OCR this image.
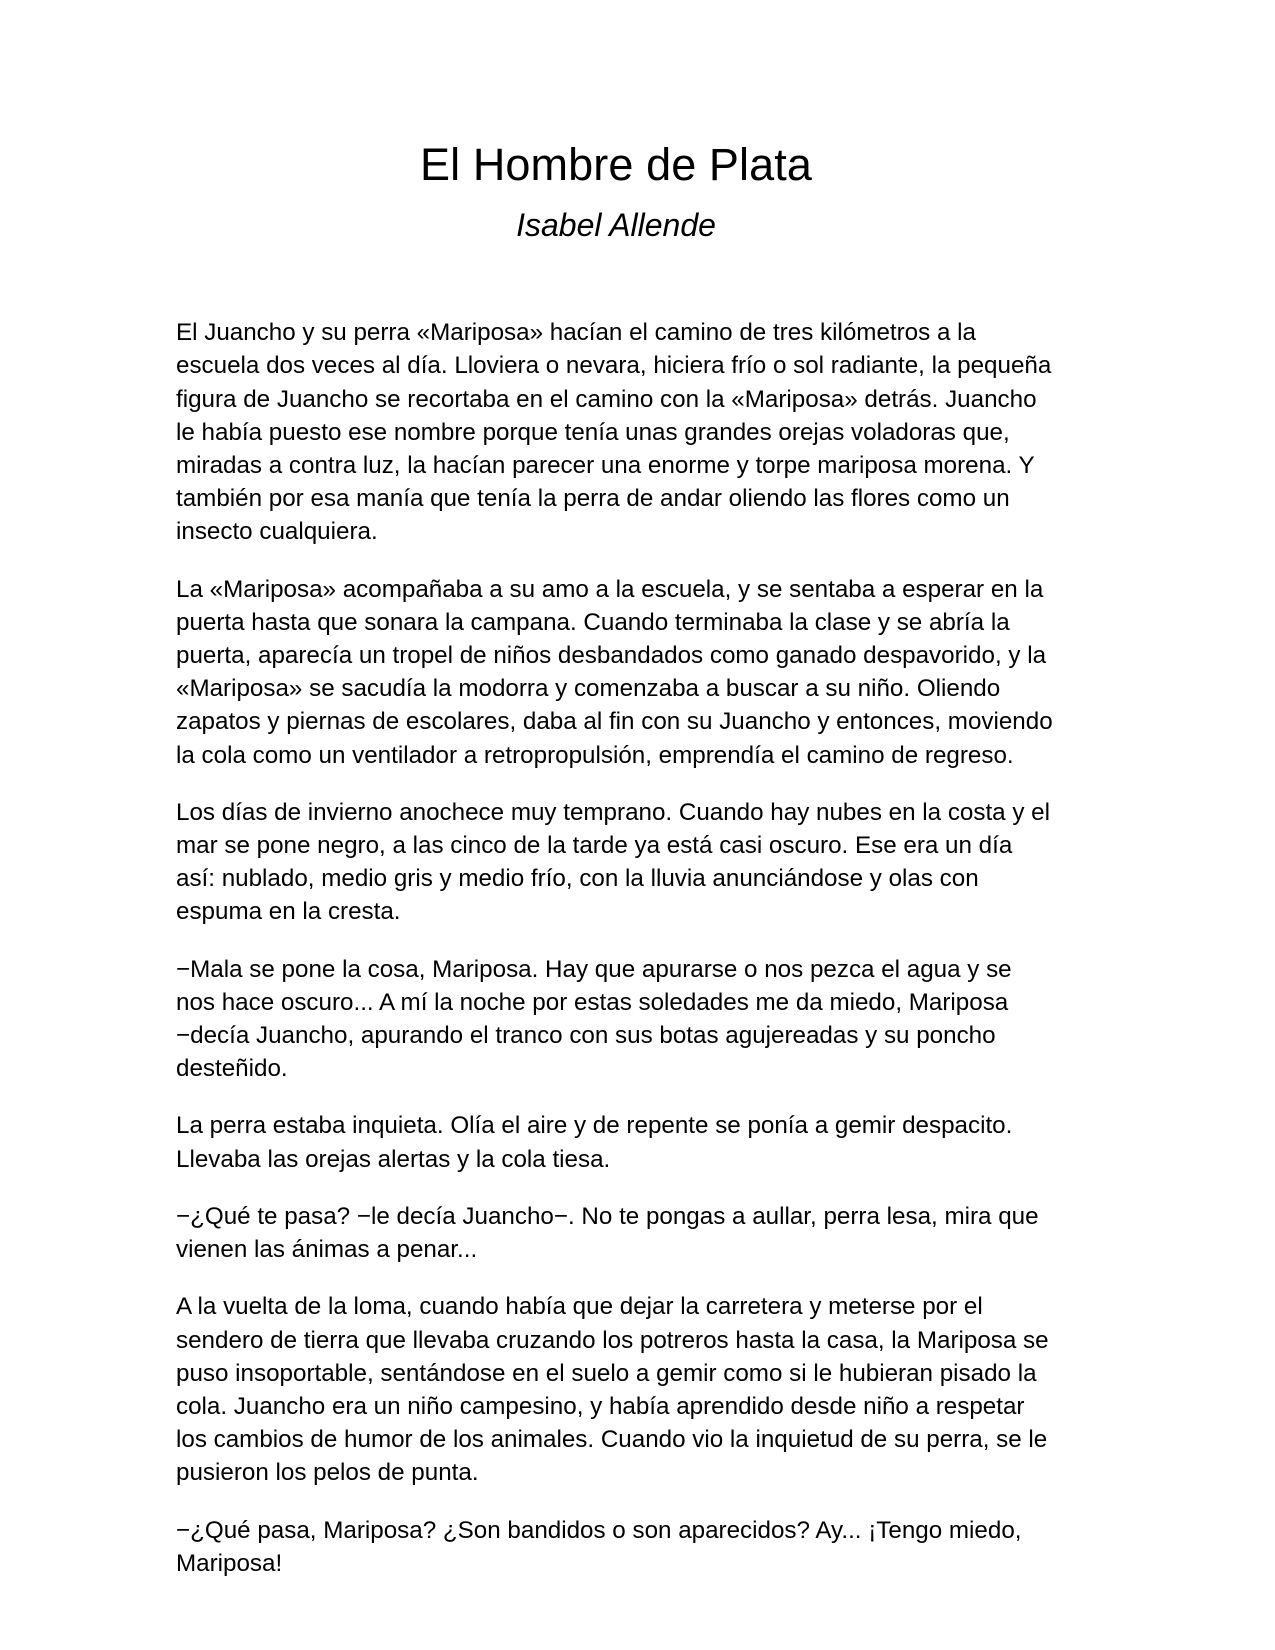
El Hombre de Plata
Isabel Allende

El Juancho y su perra «Mariposa» hacían el camino de tres kilómetros a la escuela dos veces al día. Lloviera o nevara, hiciera frío o sol radiante, la pequeña figura de Juancho se recortaba en el camino con la «Mariposa» detrás. Juancho le había puesto ese nombre porque tenía unas grandes orejas voladoras que, miradas a contra luz, la hacían parecer una enorme y torpe mariposa morena. Y también por esa manía que tenía la perra de andar oliendo las flores como un insecto cualquiera.

La «Mariposa» acompañaba a su amo a la escuela, y se sentaba a esperar en la puerta hasta que sonara la campana. Cuando terminaba la clase y se abría la puerta, aparecía un tropel de niños desbandados como ganado despavorido, y la «Mariposa» se sacudía la modorra y comenzaba a buscar a su niño. Oliendo zapatos y piernas de escolares, daba al fin con su Juancho y entonces, moviendo la cola como un ventilador a retropropulsión, emprendía el camino de regreso.

Los días de invierno anochece muy temprano. Cuando hay nubes en la costa y el mar se pone negro, a las cinco de la tarde ya está casi oscuro. Ese era un día así: nublado, medio gris y medio frío, con la lluvia anunciándose y olas con espuma en la cresta.

−Mala se pone la cosa, Mariposa. Hay que apurarse o nos pezca el agua y se nos hace oscuro... A mí la noche por estas soledades me da miedo, Mariposa −decía Juancho, apurando el tranco con sus botas agujereadas y su poncho desteñido.

La perra estaba inquieta. Olía el aire y de repente se ponía a gemir despacito. Llevaba las orejas alertas y la cola tiesa.

−¿Qué te pasa? −le decía Juancho−. No te pongas a aullar, perra lesa, mira que vienen las ánimas a penar...

A la vuelta de la loma, cuando había que dejar la carretera y meterse por el sendero de tierra que llevaba cruzando los potreros hasta la casa, la Mariposa se puso insoportable, sentándose en el suelo a gemir como si le hubieran pisado la cola. Juancho era un niño campesino, y había aprendido desde niño a respetar los cambios de humor de los animales. Cuando vio la inquietud de su perra, se le pusieron los pelos de punta.

−¿Qué pasa, Mariposa? ¿Son bandidos o son aparecidos? Ay... ¡Tengo miedo, Mariposa!
